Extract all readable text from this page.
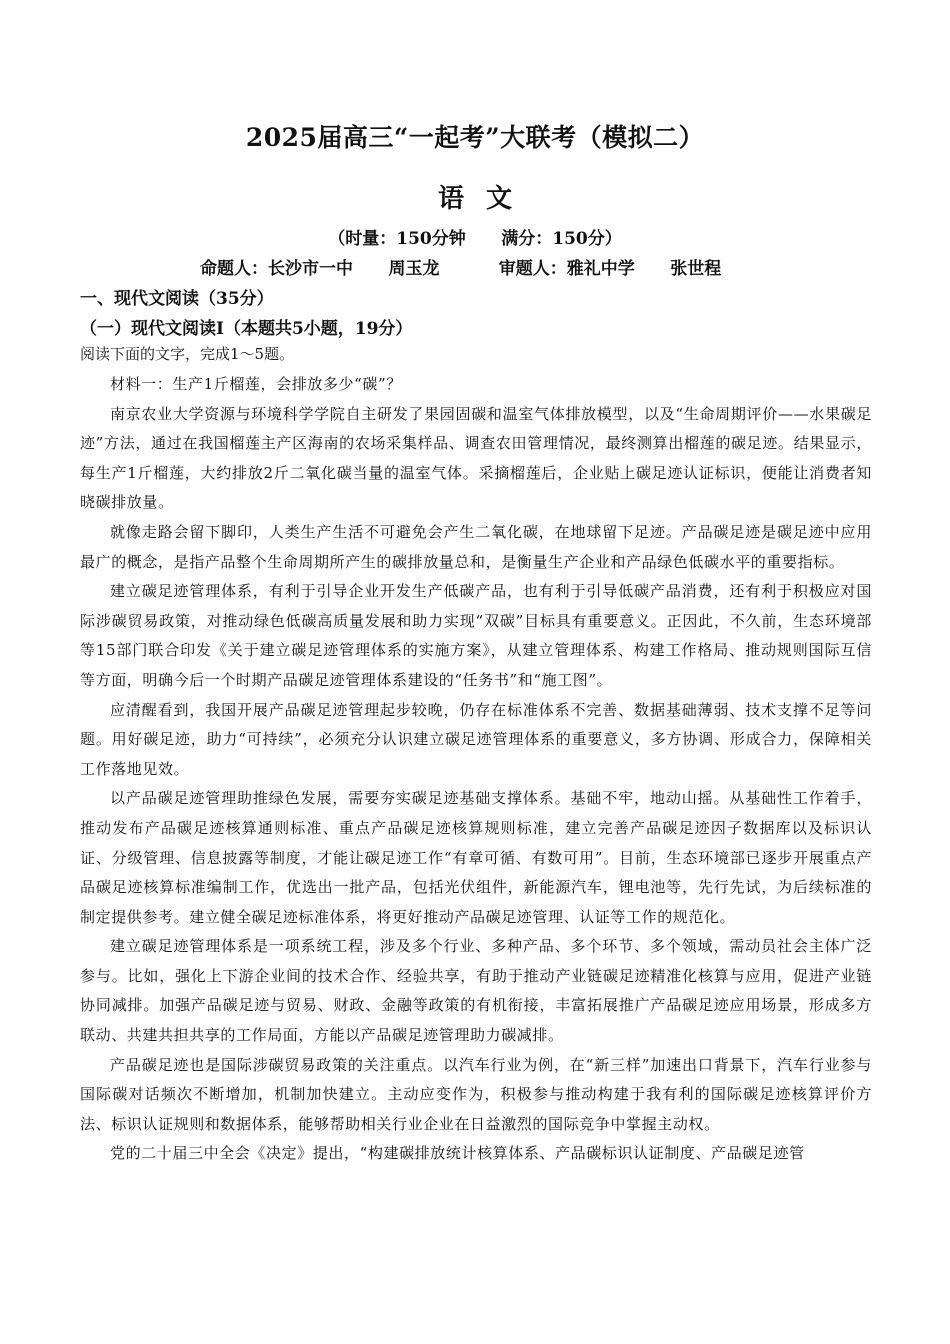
2025届高三“一起考”大联考（模拟二）
语文
（时量：150分钟 满分：150分）
命题人：长沙市一中 周玉龙	审题人：雅礼中学 张世程
一、现代文阅读（35分）
（一）现代文阅读Ⅰ（本题共5小题，19分）
阅读下面的文字，完成1～5题。

材料一：生产1斤榴莲，会排放多少“碳”？

南京农业大学资源与环境科学学院自主研发了果园固碳和温室气体排放模型，以及“生命周期评价——水果碳足迹”方法，通过在我国榴莲主产区海南的农场采集样品、调查农田管理情况，最终测算出榴莲的碳足迹。结果显示，每生产1斤榴莲，大约排放2斤二氧化碳当量的温室气体。采摘榴莲后，企业贴上碳足迹认证标识，便能让消费者知晓碳排放量。

就像走路会留下脚印，人类生产生活不可避免会产生二氧化碳，在地球留下足迹。产品碳足迹是碳足迹中应用最广的概念，是指产品整个生命周期所产生的碳排放量总和，是衡量生产企业和产品绿色低碳水平的重要指标。

建立碳足迹管理体系，有利于引导企业开发生产低碳产品，也有利于引导低碳产品消费，还有利于积极应对国际涉碳贸易政策，对推动绿色低碳高质量发展和助力实现“双碳”目标具有重要意义。正因此，不久前，生态环境部等15部门联合印发《关于建立碳足迹管理体系的实施方案》，从建立管理体系、构建工作格局、推动规则国际互信等方面，明确今后一个时期产品碳足迹管理体系建设的“任务书”和“施工图”。

应清醒看到，我国开展产品碳足迹管理起步较晚，仍存在标准体系不完善、数据基础薄弱、技术支撑不足等问题。用好碳足迹，助力“可持续”，必须充分认识建立碳足迹管理体系的重要意义，多方协调、形成合力，保障相关工作落地见效。

以产品碳足迹管理助推绿色发展，需要夯实碳足迹基础支撑体系。基础不牢，地动山摇。从基础性工作着手，推动发布产品碳足迹核算通则标准、重点产品碳足迹核算规则标准，建立完善产品碳足迹因子数据库以及标识认证、分级管理、信息披露等制度，才能让碳足迹工作“有章可循、有数可用”。目前，生态环境部已逐步开展重点产品碳足迹核算标准编制工作，优选出一批产品，包括光伏组件，新能源汽车，锂电池等，先行先试，为后续标准的制定提供参考。建立健全碳足迹标准体系，将更好推动产品碳足迹管理、认证等工作的规范化。

建立碳足迹管理体系是一项系统工程，涉及多个行业、多种产品、多个环节、多个领域，需动员社会主体广泛参与。比如，强化上下游企业间的技术合作、经验共享，有助于推动产业链碳足迹精准化核算与应用，促进产业链协同减排。加强产品碳足迹与贸易、财政、金融等政策的有机衔接，丰富拓展推广产品碳足迹应用场景，形成多方联动、共建共担共享的工作局面，方能以产品碳足迹管理助力碳减排。

产品碳足迹也是国际涉碳贸易政策的关注重点。以汽车行业为例，在“新三样”加速出口背景下，汽车行业参与国际碳对话频次不断增加，机制加快建立。主动应变作为，积极参与推动构建于我有利的国际碳足迹核算评价方法、标识认证规则和数据体系，能够帮助相关行业企业在日益激烈的国际竞争中掌握主动权。

党的二十届三中全会《决定》提出，“构建碳排放统计核算体系、产品碳标识认证制度、产品碳足迹管
